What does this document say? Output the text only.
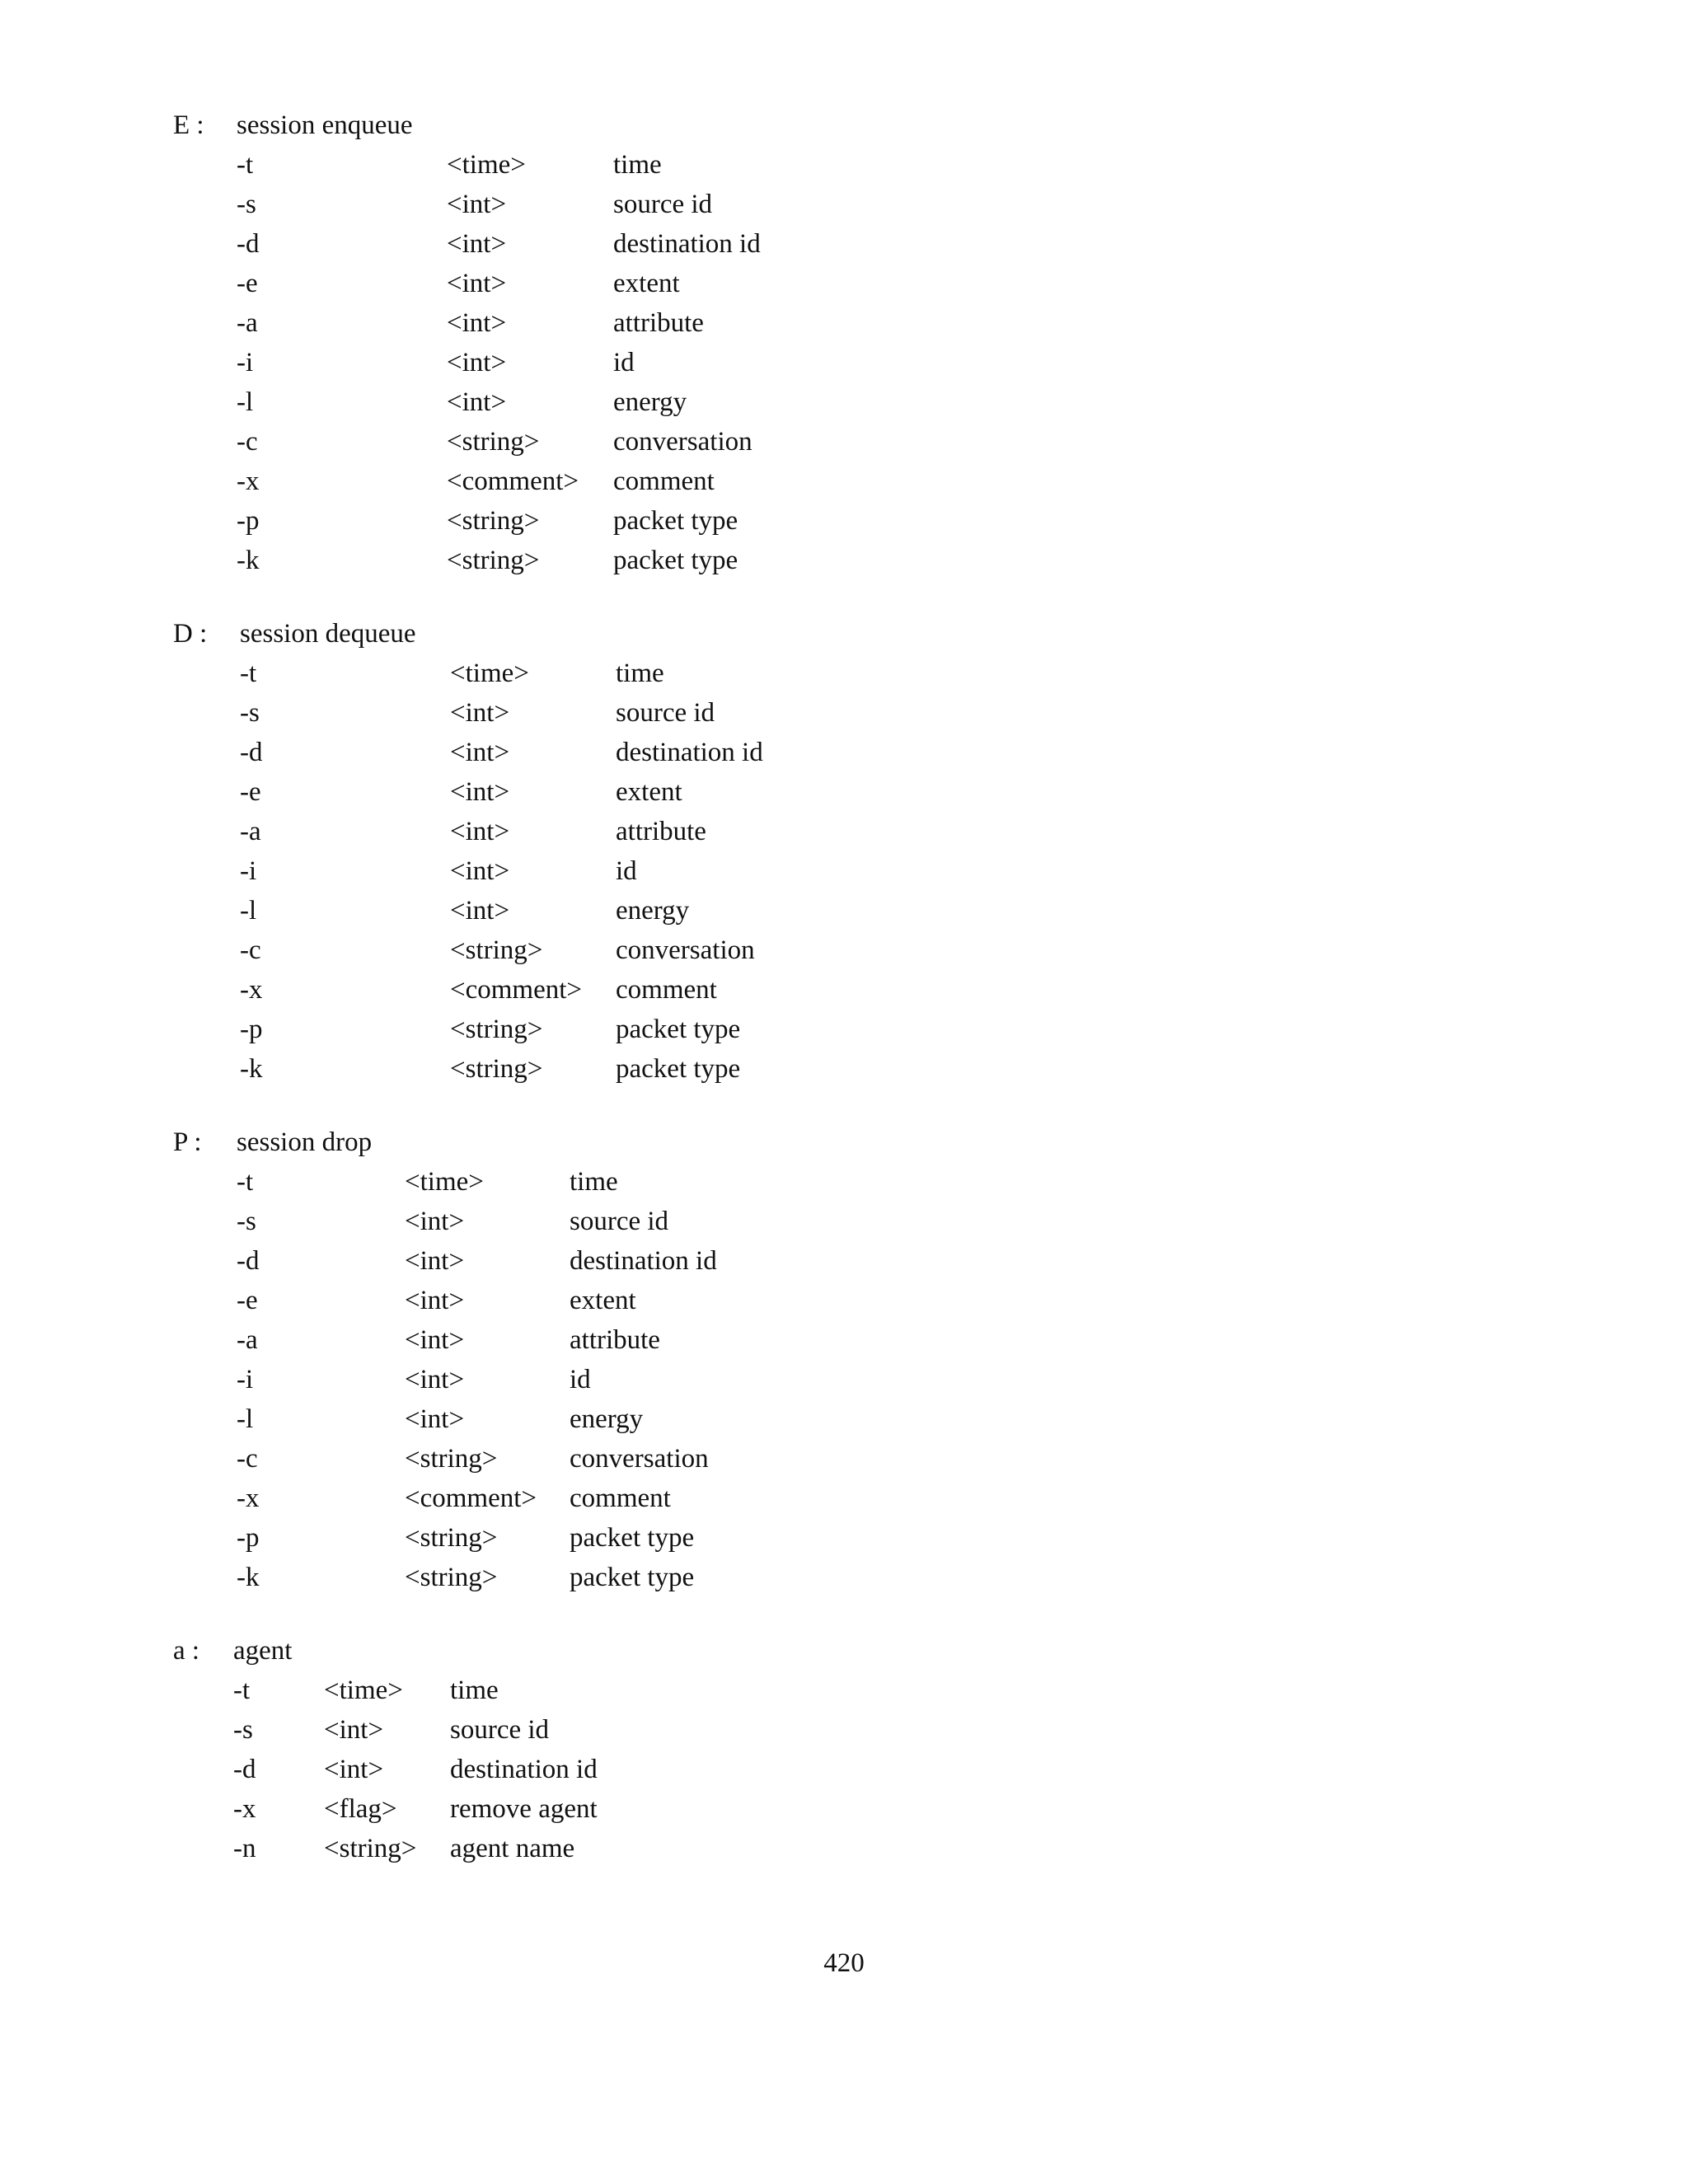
E : session enqueue
-t	<time>	time
-s	<int>	source id
-d	<int>	destination id
-e	<int>	extent
-a	<int>	attribute
-i	<int>	id
-l	<int>	energy
-c	<string>	conversation
-x	<comment> comment
-p	<string>	packet type
-k	<string>	packet type
D : session dequeue
-t	<time>	time
-s	<int>	source id
-d	<int>	destination id
-e	<int>	extent
-a	<int>	attribute
-i	<int>	id
-l	<int>	energy
-c	<string>	conversation
-x	<comment> comment
-p	<string>	packet type
-k	<string>	packet type
P : session drop
-t	<time>	time
-s	<int>	source id
-d	<int>	destination id
-e	<int>	extent
-a	<int>	attribute
-i	<int>	id
-l	<int>	energy
-c	<string>	conversation
-x	<comment> comment
-p	<string>	packet type
-k	<string>	packet type
a : agent
-t	<time> time
-s	<int> source id
-d	<int> destination id
-x	<flag> remove agent
-n	<string> agent name
420
